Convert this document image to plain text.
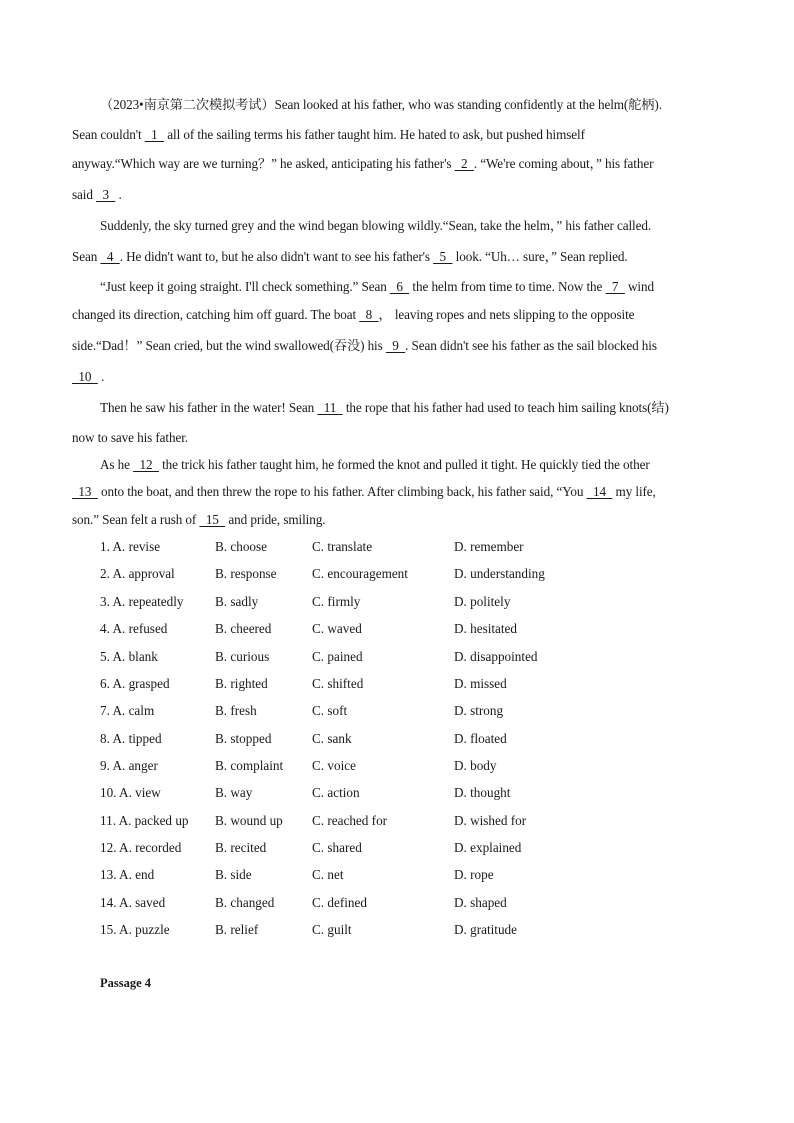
（2023•南京第二次模拟考试）Sean looked at his father, who was standing confidently at the helm(舵柄).
Sean couldn't   1   all of the sailing terms his father taught him. He hated to ask, but pushed himself
anyway.“Which way are we turning？” he asked, anticipating his father's   2  . “We're coming about，” his father
said   3   .
Suddenly, the sky turned grey and the wind began blowing wildly.“Sean, take the helm，” his father called.
Sean   4  . He didn't want to, but he also didn't want to see his father's   5   look. “Uh… sure，” Sean replied.
“Just keep it going straight. I'll check something.” Sean   6   the helm from time to time. Now the   7   wind
changed its direction, catching him off guard. The boat   8  ， leaving ropes and nets slipping to the opposite
side.“Dad！” Sean cried, but the wind swallowed(吞没) his   9  . Sean didn't see his father as the sail blocked his
10   .
Then he saw his father in the water! Sean   11   the rope that his father had used to teach him sailing knots(结)
now to save his father.
As he   12   the trick his father taught him, he formed the knot and pulled it tight. He quickly tied the other
13   onto the boat, and then threw the rope to his father. After climbing back, his father said, “You   14   my life,
son.” Sean felt a rush of   15   and pride, smiling.
1. A. revise	B. choose	C. translate	D. remember
2. A. approval	B. response	C. encouragement	D. understanding
3. A. repeatedly B. sadly	C. firmly	D. politely
4. A. refused	B. cheered	C. waved	D. hesitated
5. A. blank	B. curious	C. pained	D. disappointed
6. A. grasped	B. righted	C. shifted	D. missed
7. A. calm	B. fresh	C. soft	D. strong
8. A. tipped	B. stopped	C. sank	D. floated
9. A. anger	B. complaint C. voice	D. body
10. A. view	B. way	C. action	D. thought
11. A. packed up B. wound up C. reached for	D. wished for
12. A. recorded	B. recited	C. shared	D. explained
13. A. end	B. side	C. net	D. rope
14. A. saved	B. changed	C. defined	D. shaped
15. A. puzzle	B. relief	C. guilt	D. gratitude
Passage 4
